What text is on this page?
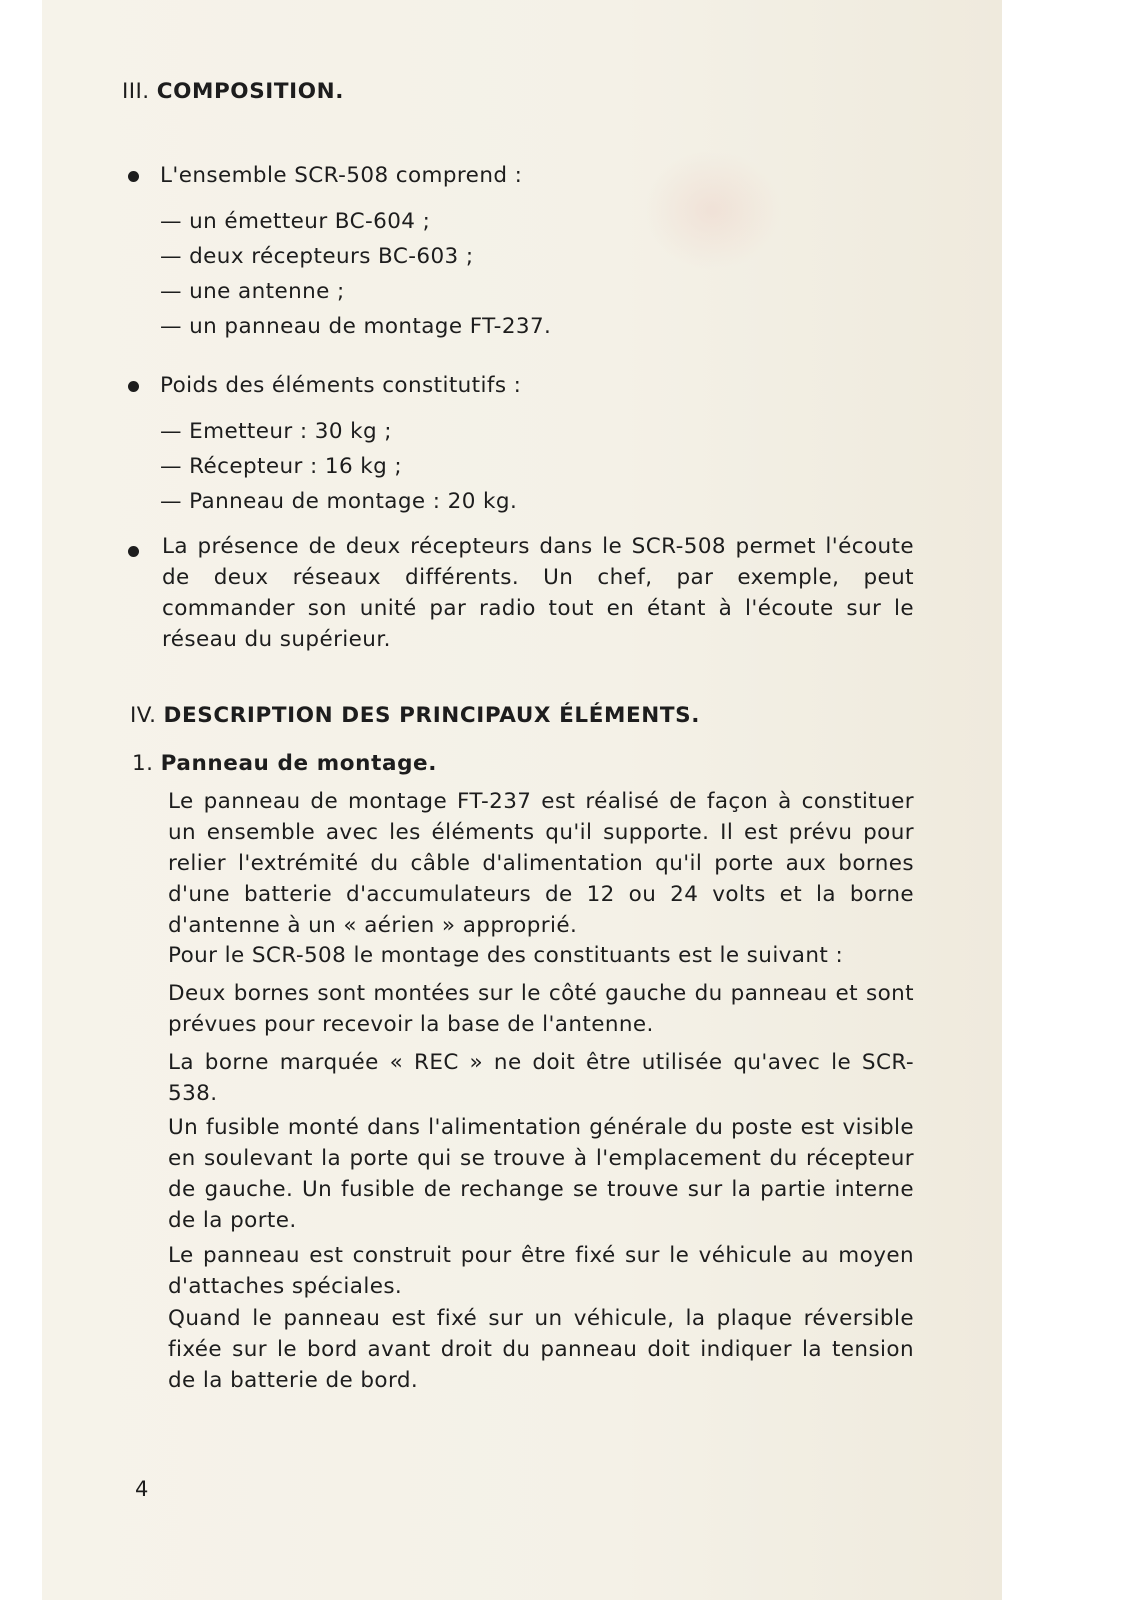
III. COMPOSITION.
L'ensemble SCR-508 comprend :
— un émetteur BC-604 ;
— deux récepteurs BC-603 ;
— une antenne ;
— un panneau de montage FT-237.
Poids des éléments constitutifs :
— Emetteur : 30 kg ;
— Récepteur : 16 kg ;
— Panneau de montage : 20 kg.
La présence de deux récepteurs dans le SCR-508 permet l'écoute de deux réseaux différents. Un chef, par exemple, peut commander son unité par radio tout en étant à l'écoute sur le réseau du supérieur.
IV. DESCRIPTION DES PRINCIPAUX ÉLÉMENTS.
1. Panneau de montage.
Le panneau de montage FT-237 est réalisé de façon à constituer un ensemble avec les éléments qu'il supporte. Il est prévu pour relier l'extrémité du câble d'alimentation qu'il porte aux bornes d'une batterie d'accumulateurs de 12 ou 24 volts et la borne d'antenne à un « aérien » approprié.
Pour le SCR-508 le montage des constituants est le suivant :
Deux bornes sont montées sur le côté gauche du panneau et sont prévues pour recevoir la base de l'antenne.
La borne marquée « REC » ne doit être utilisée qu'avec le SCR-538.
Un fusible monté dans l'alimentation générale du poste est visible en soulevant la porte qui se trouve à l'emplacement du récepteur de gauche. Un fusible de rechange se trouve sur la partie interne de la porte.
Le panneau est construit pour être fixé sur le véhicule au moyen d'attaches spéciales.
Quand le panneau est fixé sur un véhicule, la plaque réversible fixée sur le bord avant droit du panneau doit indiquer la tension de la batterie de bord.
4
